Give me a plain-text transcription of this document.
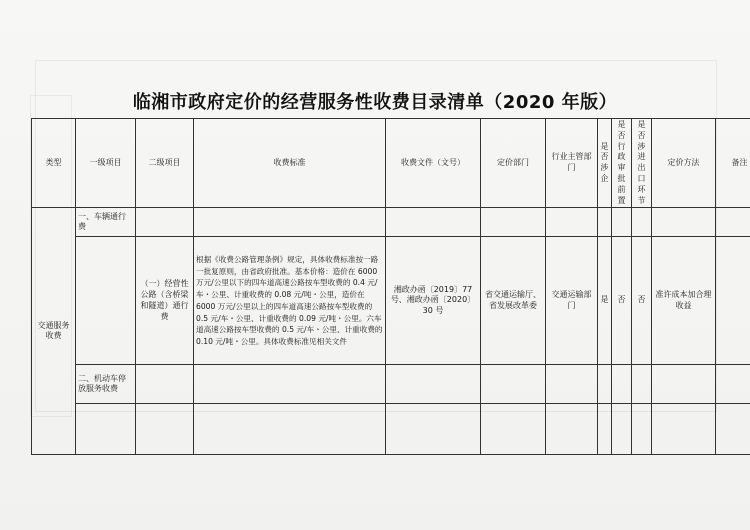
临湘市政府定价的经营服务性收费目录清单（2020 年版）
类型	一级项目	二级项目	收费标准	收费文件（文号）	定价部门	行业主管部门	是否涉企	是否行政审批前置	是否涉进出口环节	定价方法	备注
交通服务收费	一、车辆通行费										
		（一）经营性公路（含桥梁和隧道）通行费	根据《收费公路管理条例》规定，具体收费标准按一路一批复原则，由省政府批准。基本价格：造价在 6000 万元/公里以下的四车道高速公路按车型收费的 0.4 元/车・公里、计重收费的 0.08 元/吨・公里，造价在 6000 万元/公里以上的四车道高速公路按车型收费的 0.5 元/车・公里、计重收费的 0.09 元/吨・公里。六车道高速公路按车型收费的 0.5 元/车・公里、计重收费的 0.10 元/吨・公里。具体收费标准见相关文件	湘政办函〔2019〕77 号、湘政办函〔2020〕30 号	省交通运输厅、省发展改革委	交通运输部门	是	否	否	准许成本加合理收益	
	二、机动车停放服务收费										
